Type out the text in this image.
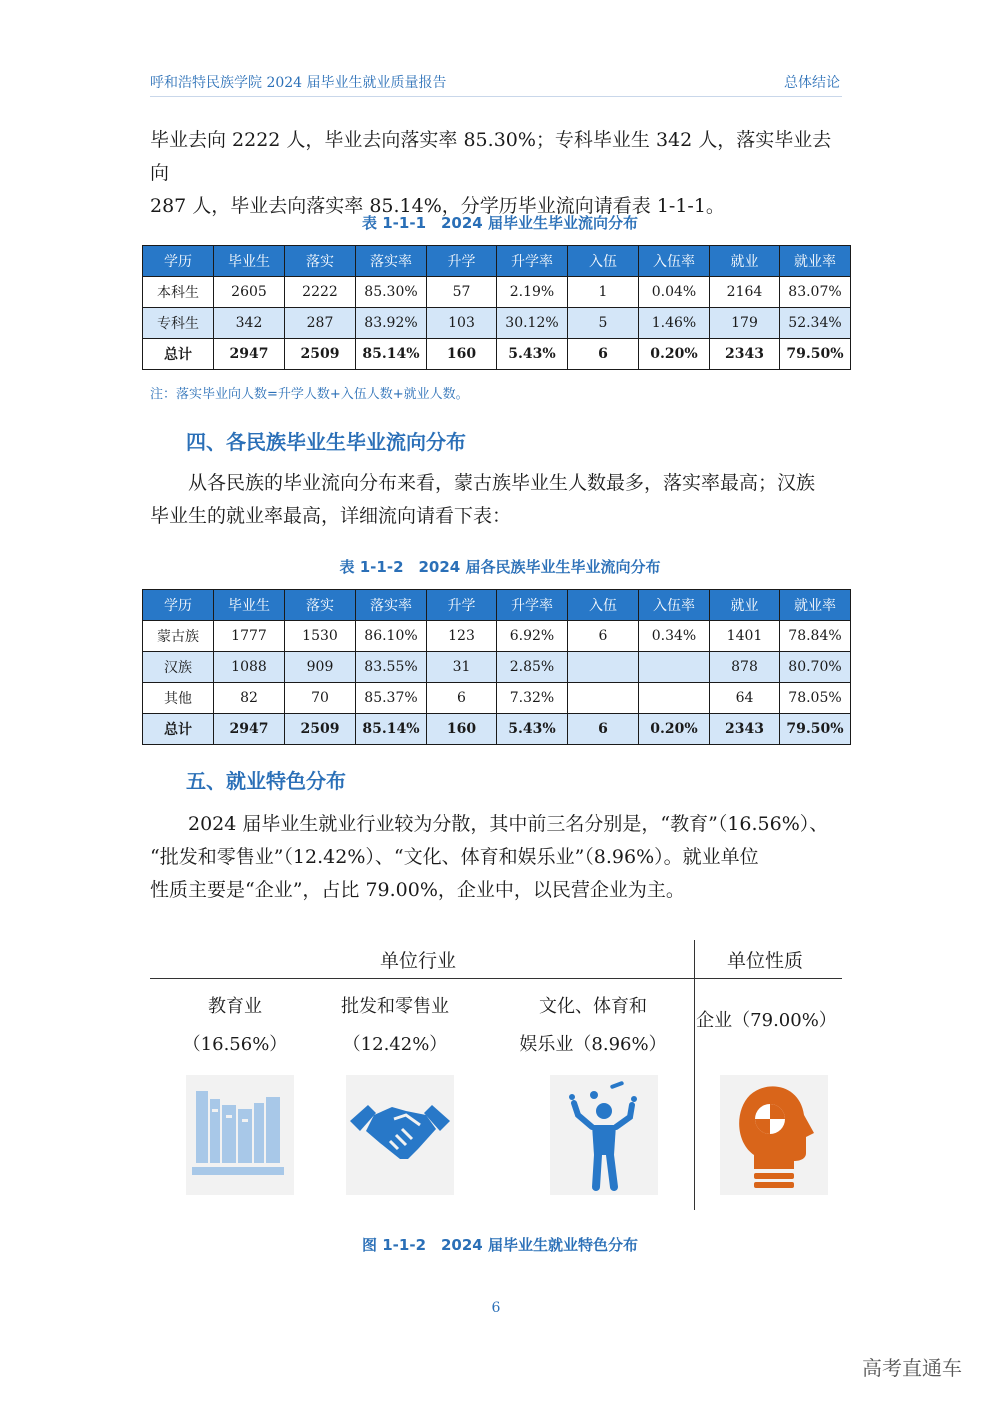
呼和浩特民族学院 2024 届毕业生就业质量报告	总体结论

毕业去向 2222 人，毕业去向落实率 85.30%；专科毕业生 342 人，落实毕业去向

287 人，毕业去向落实率 85.14%，分学历毕业流向请看表 1-1-1。

表 1-1-1　2024 届毕业生毕业流向分布
学历	毕业生	落实	落实率	升学	升学率	入伍	入伍率	就业	就业率
本科生	2605	2222	85.30%	57	2.19%	1	0.04%	2164	83.07%
专科生	342	287	83.92%	103	30.12%	5	1.46%	179	52.34%
总计	2947	2509	85.14%	160	5.43%	6	0.20%	2343	79.50%
注：落实毕业向人数=升学人数+入伍人数+就业人数。
四、各民族毕业生毕业流向分布

从各民族的毕业流向分布来看，蒙古族毕业生人数最多，落实率最高；汉族

毕业生的就业率最高，详细流向请看下表：

表 1-1-2　2024 届各民族毕业生毕业流向分布
学历	毕业生	落实	落实率	升学	升学率	入伍	入伍率	就业	就业率
蒙古族	1777	1530	86.10%	123	6.92%	6	0.34%	1401	78.84%
汉族	1088	909	83.55%	31	2.85%			878	80.70%
其他	82	70	85.37%	6	7.32%			64	78.05%
总计	2947	2509	85.14%	160	5.43%	6	0.20%	2343	79.50%
五、就业特色分布

2024 届毕业生就业行业较为分散，其中前三名分别是，“教育”（16.56%）、

“批发和零售业”（12.42%）、“文化、体育和娱乐业”（8.96%）。就业单位

性质主要是“企业”，占比 79.00%，企业中，以民营企业为主。

单位行业	单位性质
教育业
（16.56%）
批发和零售业
（12.42%）
文化、体育和
娱乐业（8.96%）
企业（79.00%）
图 1-1-2　2024 届毕业生就业特色分布
6
高考直通车
